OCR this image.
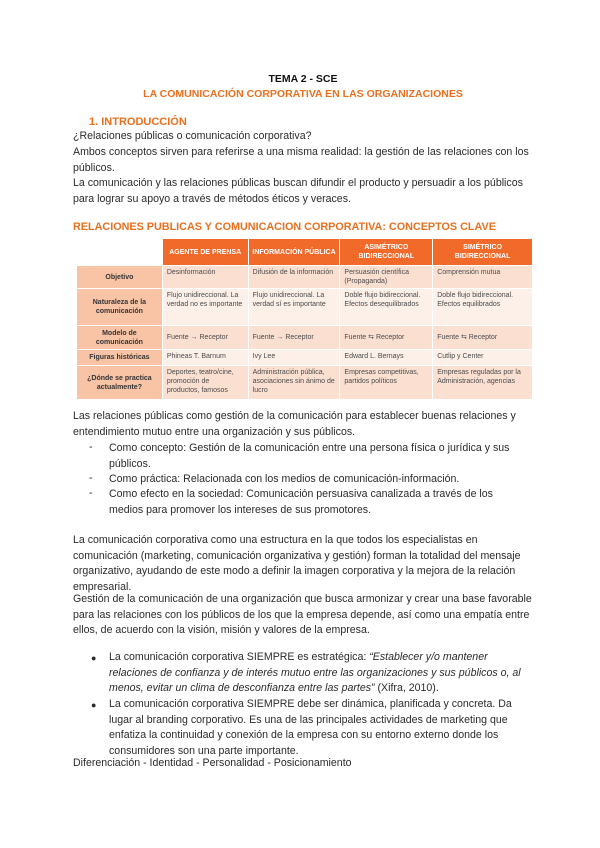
TEMA 2 - SCE
LA COMUNICACIÓN CORPORATIVA EN LAS ORGANIZACIONES
1. INTRODUCCIÓN
¿Relaciones públicas o comunicación corporativa?
Ambos conceptos sirven para referirse a una misma realidad: la gestión de las relaciones con los públicos.
La comunicación y las relaciones públicas buscan difundir el producto y persuadir a los públicos para lograr su apoyo a través de métodos éticos y veraces.
RELACIONES PUBLICAS Y COMUNICACION CORPORATIVA: CONCEPTOS CLAVE
	AGENTE DE PRENSA	INFORMACIÓN PÚBLICA	ASIMÉTRICO BIDIRECCIONAL	SIMÉTRICO BIDIRECCIONAL
Objetivo	Desinformación	Difusión de la información	Persuasión científica (Propaganda)	Comprensión mutua
Naturaleza de la comunicación	Flujo unidireccional. La verdad no es importante	Flujo unidireccional. La verdad sí es importante	Doble flujo bidireccional. Efectos desequilibrados	Doble flujo bidireccional. Efectos equilibrados
Modelo de comunicación	Fuente → Receptor	Fuente → Receptor	Fuente ⇆ Receptor	Fuente ⇆ Receptor
Figuras históricas	Phineas T. Barnum	Ivy Lee	Edward L. Bernays	Cutlip y Center
¿Dónde se practica actualmente?	Deportes, teatro/cine, promoción de productos, famosos	Administración pública, asociaciones sin ánimo de lucro	Empresas competitivas, partidos políticos	Empresas reguladas por la Administración, agencias
Las relaciones públicas como gestión de la comunicación para establecer buenas relaciones y entendimiento mutuo entre una organización y sus públicos.
- Como concepto: Gestión de la comunicación entre una persona física o jurídica y sus públicos.
- Como práctica: Relacionada con los medios de comunicación-información.
- Como efecto en la sociedad: Comunicación persuasiva canalizada a través de los medios para promover los intereses de sus promotores.
La comunicación corporativa como una estructura en la que todos los especialistas en comunicación (marketing, comunicación organizativa y gestión) forman la totalidad del mensaje organizativo, ayudando de este modo a definir la imagen corporativa y la mejora de la relación empresarial.
Gestión de la comunicación de una organización que busca armonizar y crear una base favorable para las relaciones con los públicos de los que la empresa depende, así como una empatía entre ellos, de acuerdo con la visión, misión y valores de la empresa.
● La comunicación corporativa SIEMPRE es estratégica: “Establecer y/o mantener relaciones de confianza y de interés mutuo entre las organizaciones y sus públicos o, al menos, evitar un clima de desconfianza entre las partes” (Xifra, 2010).
● La comunicación corporativa SIEMPRE debe ser dinámica, planificada y concreta. Da lugar al branding corporativo. Es una de las principales actividades de marketing que enfatiza la continuidad y conexión de la empresa con su entorno externo donde los consumidores son una parte importante.
Diferenciación - Identidad - Personalidad - Posicionamiento
